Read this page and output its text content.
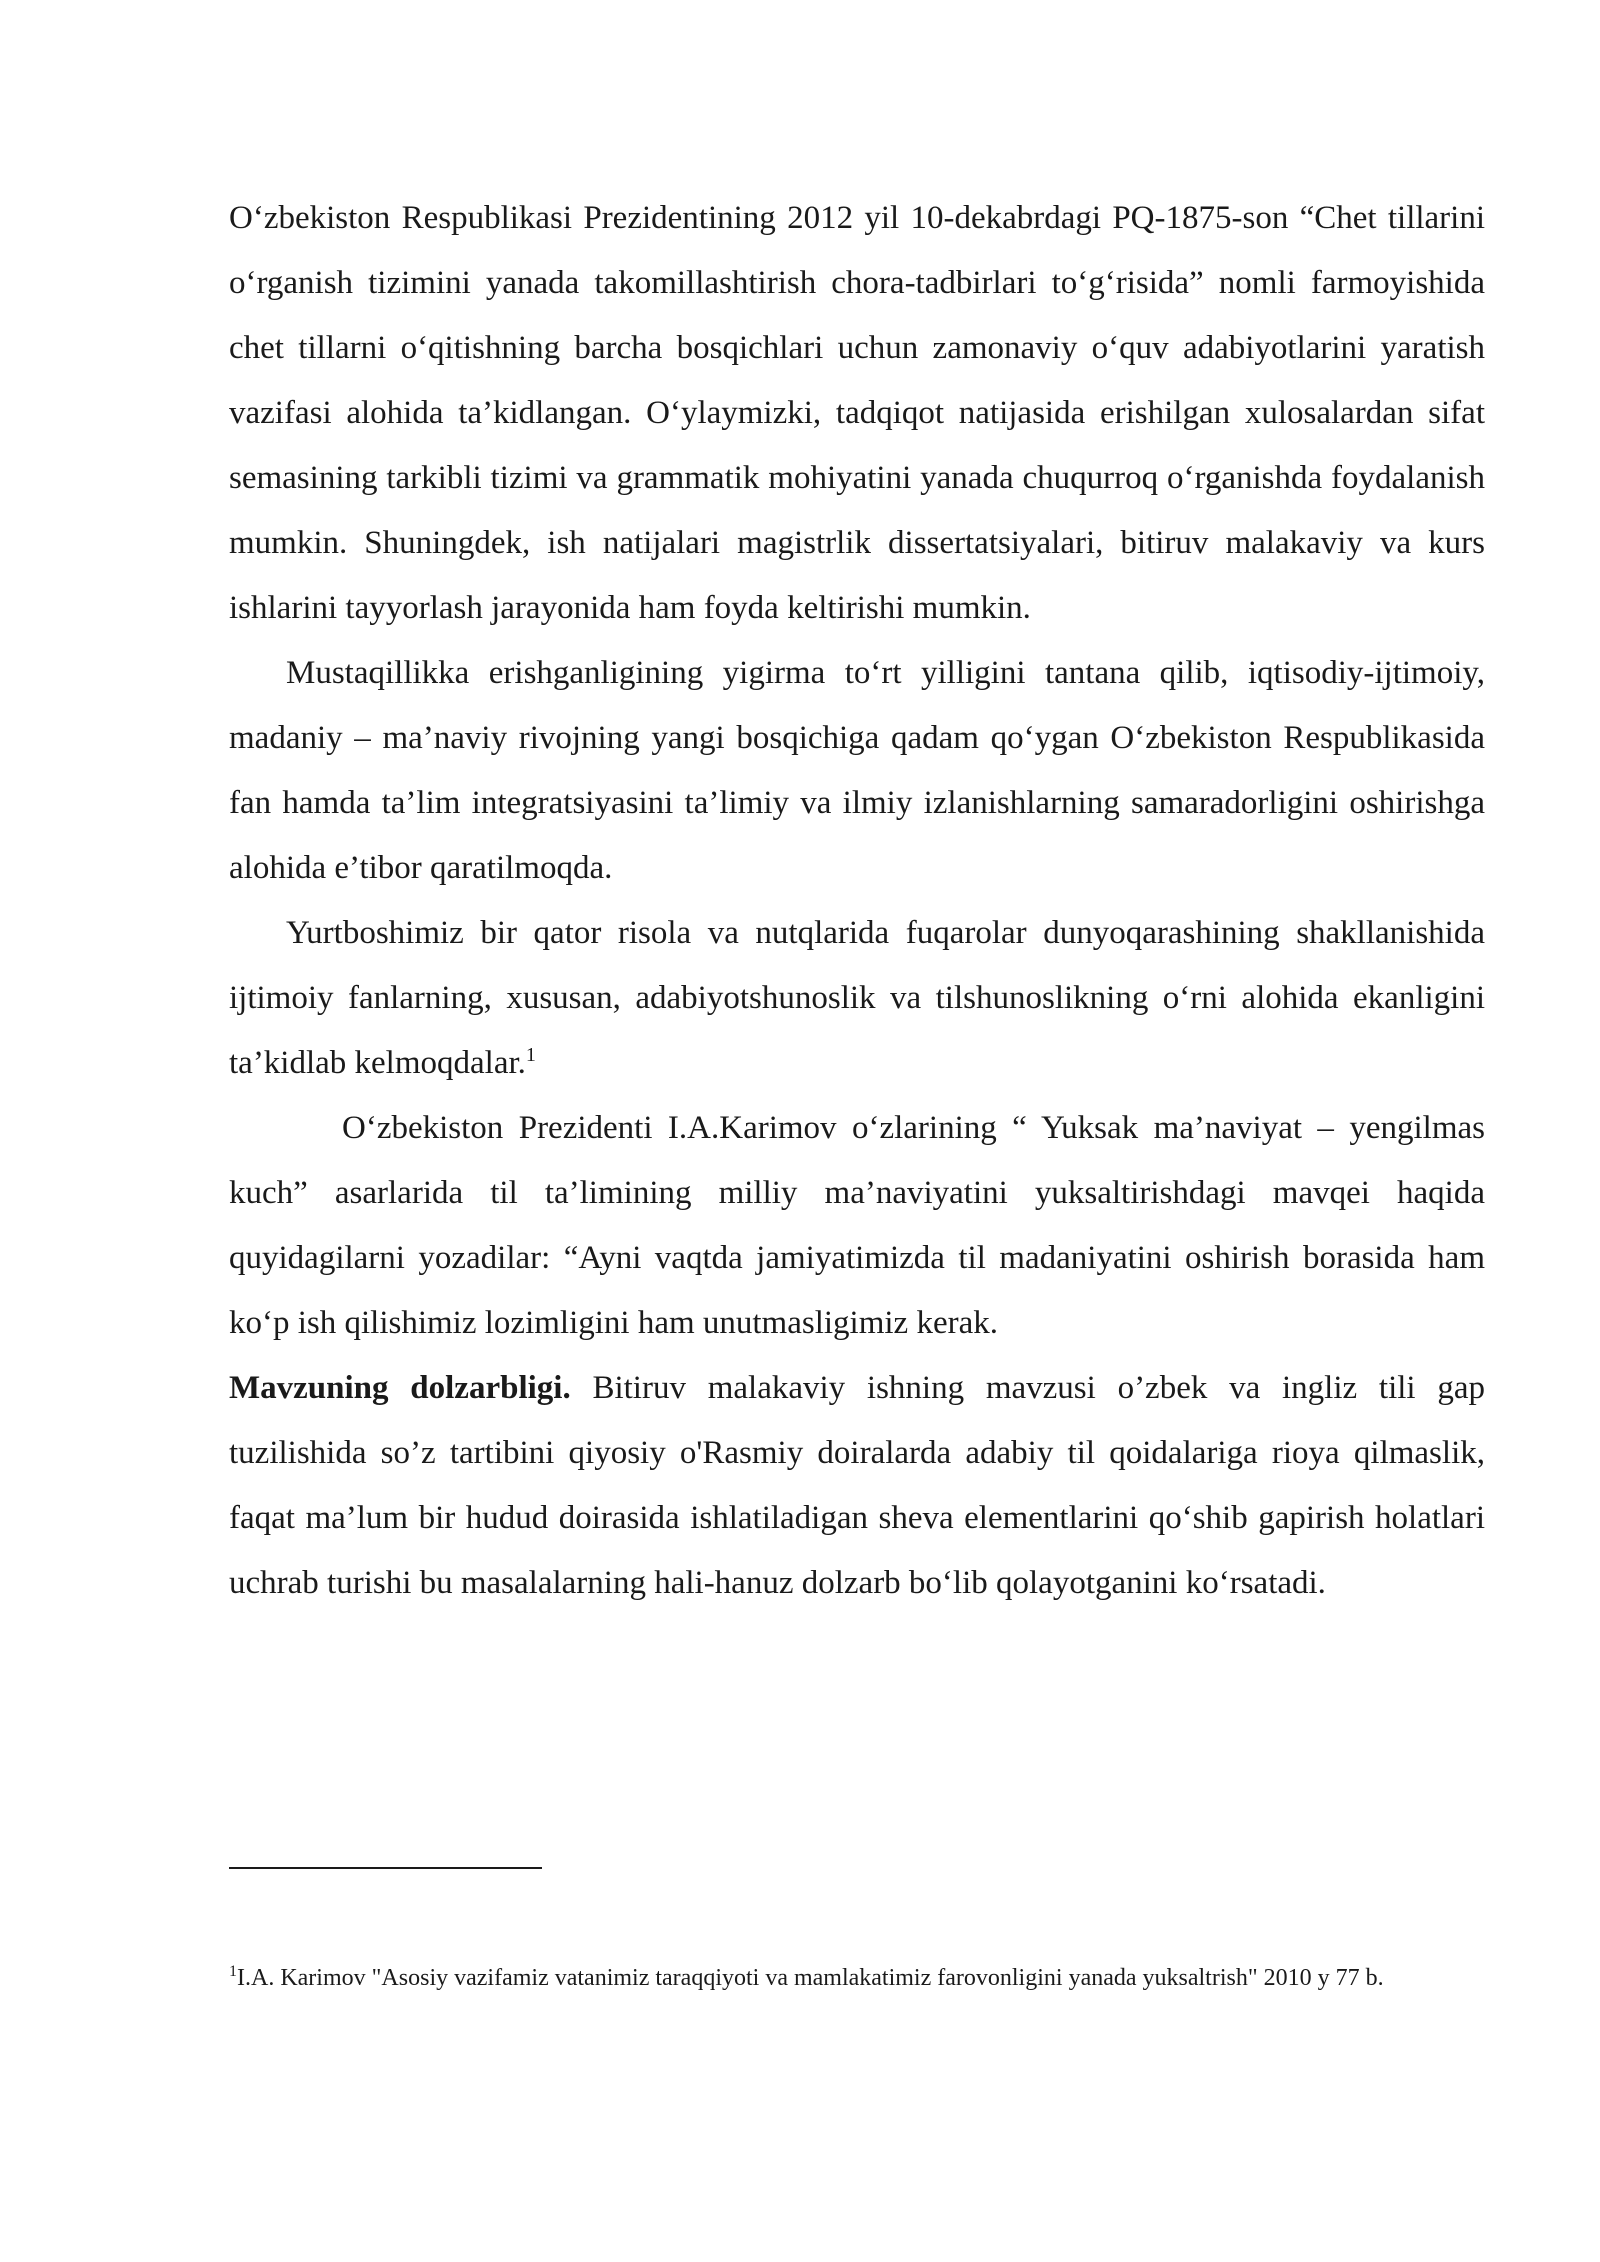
O‘zbekiston Respublikasi Prezidentining 2012 yil 10-dekabrdagi PQ-1875-son “Chet tillarini o‘rganish tizimini yanada takomillashtirish chora-tadbirlari to‘g‘risida” nomli farmoyishida chet tillarni o‘qitishning barcha bosqichlari uchun zamonaviy o‘quv adabiyotlarini yaratish vazifasi alohida ta’kidlangan. O‘ylaymizki, tadqiqot natijasida erishilgan xulosalardan sifat semasining tarkibli tizimi va grammatik mohiyatini yanada chuqurroq o‘rganishda foydalanish mumkin. Shuningdek, ish natijalari magistrlik dissertatsiyalari, bitiruv malakaviy va kurs ishlarini tayyorlash jarayonida ham foyda keltirishi mumkin.

Mustaqillikka erishganligining yigirma to‘rt yilligini tantana qilib, iqtisodiy-ijtimoiy, madaniy – ma’naviy rivojning yangi bosqichiga qadam qo‘ygan O‘zbekiston Respublikasida fan hamda ta’lim integratsiyasini ta’limiy va ilmiy izlanishlarning samaradorligini oshirishga alohida e’tibor qaratilmoqda.

Yurtboshimiz bir qator risola va nutqlarida fuqarolar dunyoqarashining shakllanishida ijtimoiy fanlarning, xususan, adabiyotshunoslik va tilshunoslikning o‘rni alohida ekanligini ta’kidlab kelmoqdalar.$^1$

O‘zbekiston Prezidenti I.A.Karimov o‘zlarining “ Yuksak ma’naviyat – yengilmas kuch” asarlarida til ta’limining milliy ma’naviyatini yuksaltirishdagi mavqei haqida quyidagilarni yozadilar: “Ayni vaqtda jamiyatimizda til madaniyatini oshirish borasida ham ko‘p ish qilishimiz lozimligini ham unutmasligimiz kerak.

Mavzuning dolzarbligi. Bitiruv malakaviy ishning mavzusi o’zbek va ingliz tili gap tuzilishida so’z tartibini qiyosiy o'Rasmiy doiralarda adabiy til qoidalariga rioya qilmaslik, faqat ma’lum bir hudud doirasida ishlatiladigan sheva elementlarini qo‘shib gapirish holatlari uchrab turishi bu masalalarning hali-hanuz dolzarb bo‘lib qolayotganini ko‘rsatadi.

$^1$I.A. Karimov "Asosiy vazifamiz vatanimiz taraqqiyoti va mamlakatimiz farovonligini yanada yuksaltrish" 2010 y 77 b.
